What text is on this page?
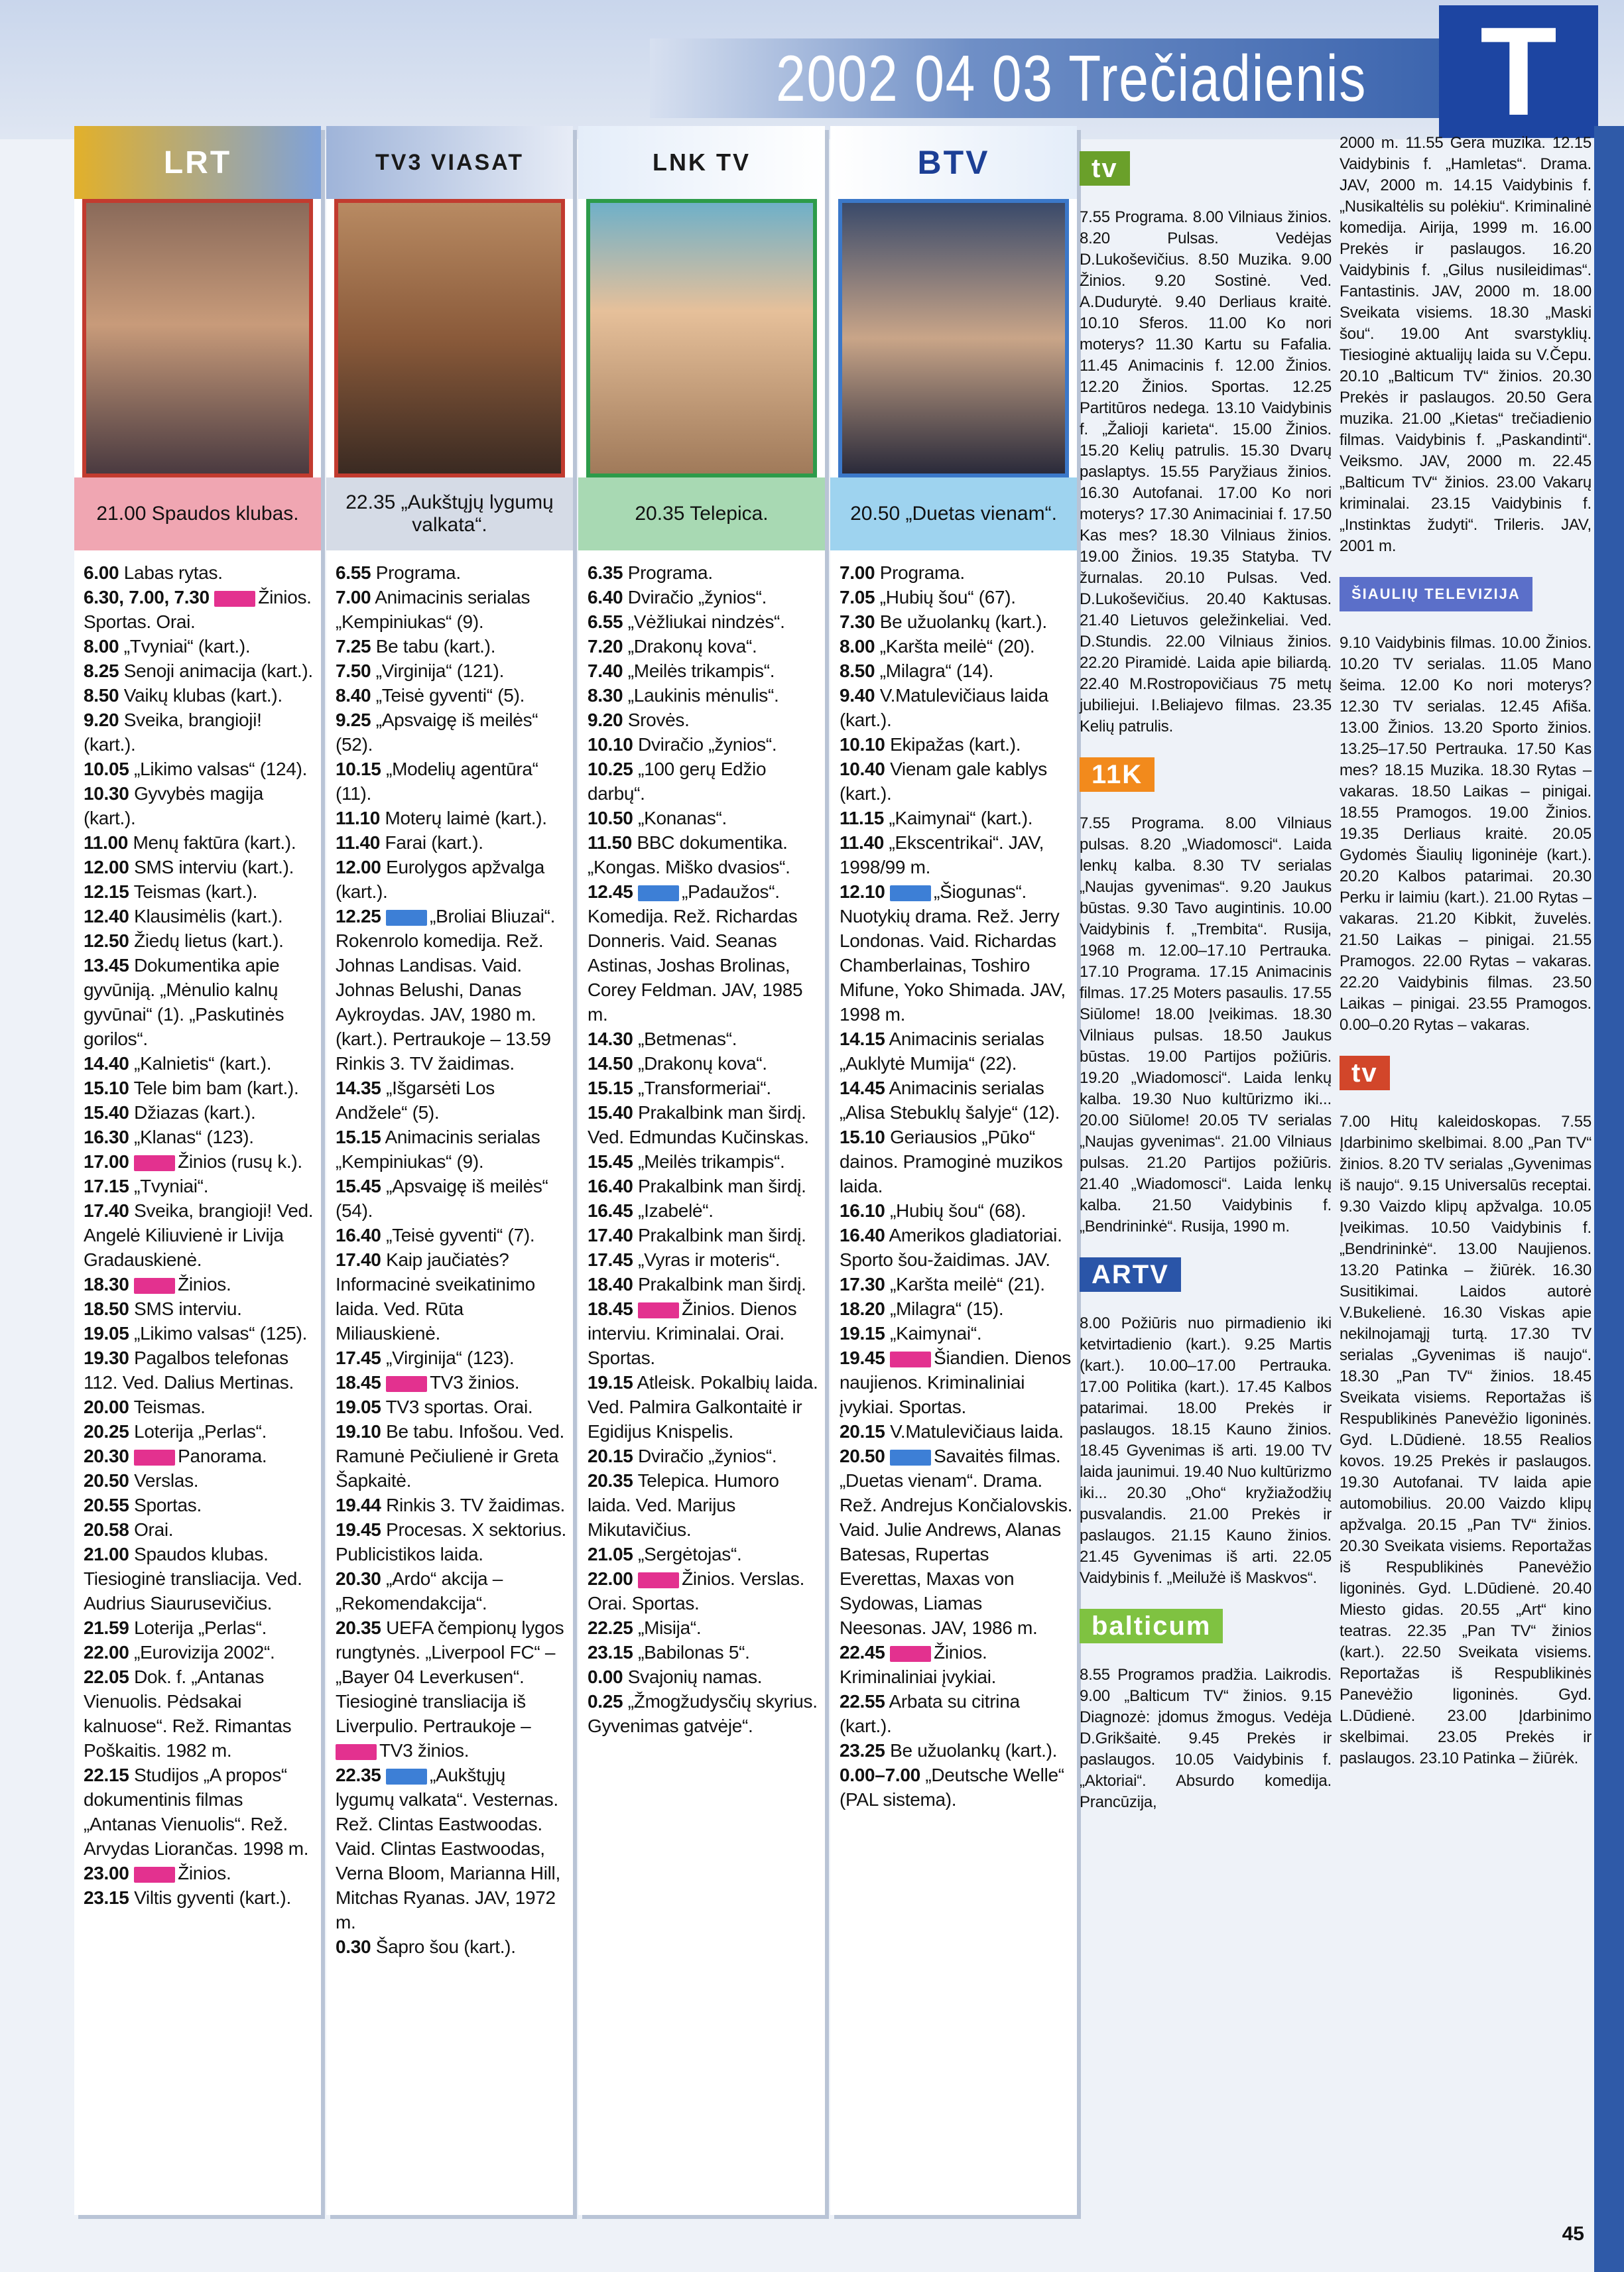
2002 04 03 Trečiadienis T
LRT
21.00 Spaudos klubas.

6.00 Labas rytas.

6.30, 7.00, 7.30	Žinios. Sportas. Orai.

8.00 „Tvyniai“ (kart.).

8.25 Senoji animacija (kart.).

8.50 Vaikų klubas (kart.).

9.20 Sveika, brangioji! (kart.).

10.05 „Likimo valsas“ (124).

10.30 Gyvybės magija (kart.).

11.00 Menų faktūra (kart.).

12.00 SMS interviu (kart.).

12.15 Teismas (kart.).

12.40 Klausimėlis (kart.).

12.50 Žiedų lietus (kart.).

13.45 Dokumentika apie gyvūniją. „Mėnulio kalnų gyvūnai“ (1). „Paskutinės gorilos“.

14.40 „Kalnietis“ (kart.).

15.10 Tele bim bam (kart.).

15.40 Džiazas (kart.).

16.30 „Klanas“ (123).

17.00	Žinios (rusų k.).

17.15 „Tvyniai“.

17.40 Sveika, brangioji! Ved. Angelė Kiliuvienė ir Livija Gradauskienė.

18.30	Žinios.

18.50 SMS interviu.

19.05 „Likimo valsas“ (125).

19.30 Pagalbos telefonas 112. Ved. Dalius Mertinas.

20.00 Teismas.

20.25 Loterija „Perlas“.

20.30	Panorama.

20.50 Verslas.

20.55 Sportas.

20.58 Orai.

21.00 Spaudos klubas. Tiesioginė transliacija. Ved. Audrius Siaurusevičius.

21.59 Loterija „Perlas“.

22.00 „Eurovizija 2002“.

22.05 Dok. f. „Antanas Vienuolis. Pėdsakai kalnuose“. Rež. Rimantas Poškaitis. 1982 m.

22.15 Studijos „A propos“ dokumentinis filmas „Antanas Vienuolis“. Rež. Arvydas Liorančas. 1998 m.

23.00	Žinios.

23.15 Viltis gyventi (kart.).

TV3 VIASAT
22.35 „Aukštųjų lygumų valkata“.

6.55 Programa.

7.00 Animacinis serialas „Kempiniukas“ (9).

7.25 Be tabu (kart.).

7.50 „Virginija“ (121).

8.40 „Teisė gyventi“ (5).

9.25 „Apsvaigę iš meilės“ (52).

10.15 „Modelių agentūra“ (11).

11.10 Moterų laimė (kart.).

11.40 Farai (kart.).

12.00 Eurolygos apžvalga (kart.).

12.25	„Broliai Bliuzai“. Rokenrolo komedija. Rež. Johnas Landisas. Vaid. Johnas Belushi, Danas Aykroydas. JAV, 1980 m. (kart.). Pertraukoje – 13.59 Rinkis 3. TV žaidimas.

14.35 „Išgarsėti Los Andžele“ (5).

15.15 Animacinis serialas „Kempiniukas“ (9).

15.45 „Apsvaigę iš meilės“ (54).

16.40 „Teisė gyventi“ (7).

17.40 Kaip jaučiatės? Informacinė sveikatinimo laida. Ved. Rūta Miliauskienė.

17.45 „Virginija“ (123).

18.45	TV3 žinios.

19.05 TV3 sportas. Orai.

19.10 Be tabu. Infošou. Ved. Ramunė Pečiulienė ir Greta Šapkaitė.

19.44 Rinkis 3. TV žaidimas.

19.45 Procesas. X sektorius. Publicistikos laida.

20.30 „Ardo“ akcija – „Rekomendakcija“.

20.35 UEFA čempionų lygos rungtynės. „Liverpool FC“ – „Bayer 04 Leverkusen“. Tiesioginė transliacija iš Liverpulio. Pertraukoje –

TV3 žinios.

22.35	„Aukštųjų lygumų valkata“. Vesternas. Rež. Clintas Eastwoodas. Vaid. Clintas Eastwoodas, Verna Bloom, Marianna Hill, Mitchas Ryanas. JAV, 1972 m.

0.30 Šapro šou (kart.).

LNK TV
20.35 Telepica.

6.35 Programa.

6.40 Dviračio „žynios“.

6.55 „Vėžliukai nindzės“.

7.20 „Drakonų kova“.

7.40 „Meilės trikampis“.

8.30 „Laukinis mėnulis“.

9.20 Srovės.

10.10 Dviračio „žynios“.

10.25 „100 gerų Edžio darbų“.

10.50 „Konanas“.

11.50 BBC dokumentika. „Kongas. Miško dvasios“.

12.45	„Padaužos“. Komedija. Rež. Richardas Donneris. Vaid. Seanas Astinas, Joshas Brolinas, Corey Feldman. JAV, 1985 m.

14.30 „Betmenas“.

14.50 „Drakonų kova“.

15.15 „Transformeriai“.

15.40 Prakalbink man širdį. Ved. Edmundas Kučinskas.

15.45 „Meilės trikampis“.

16.40 Prakalbink man širdį.

16.45 „Izabelė“.

17.40 Prakalbink man širdį.

17.45 „Vyras ir moteris“.

18.40 Prakalbink man širdį.

18.45	Žinios. Dienos interviu. Kriminalai. Orai. Sportas.

19.15 Atleisk. Pokalbių laida. Ved. Palmira Galkontaitė ir Egidijus Knispelis.

20.15 Dviračio „žynios“.

20.35 Telepica. Humoro laida. Ved. Marijus Mikutavičius.

21.05 „Sergėtojas“.

22.00	Žinios. Verslas. Orai. Sportas.

22.25 „Misija“.

23.15 „Babilonas 5“.

0.00 Svajonių namas.

0.25 „Žmogžudysčių skyrius. Gyvenimas gatvėje“.

BTV
20.50 „Duetas vienam“.

7.00 Programa.

7.05 „Hubių šou“ (67).

7.30 Be užuolankų (kart.).

8.00 „Karšta meilė“ (20).

8.50 „Milagra“ (14).

9.40 V.Matulevičiaus laida (kart.).

10.10 Ekipažas (kart.).

10.40 Vienam gale kablys (kart.).

11.15 „Kaimynai“ (kart.).

11.40 „Ekscentrikai“. JAV, 1998/99 m.

12.10	„Šiogunas“. Nuotykių drama. Rež. Jerry Londonas. Vaid. Richardas Chamberlainas, Toshiro Mifune, Yoko Shimada. JAV, 1998 m.

14.15 Animacinis serialas „Auklytė Mumija“ (22).

14.45 Animacinis serialas „Alisa Stebuklų šalyje“ (12).

15.10 Geriausios „Pūko“ dainos. Pramoginė muzikos laida.

16.10 „Hubių šou“ (68).

16.40 Amerikos gladiatoriai. Sporto šou-žaidimas. JAV.

17.30 „Karšta meilė“ (21).

18.20 „Milagra“ (15).

19.15 „Kaimynai“.

19.45	Šiandien. Dienos naujienos. Kriminaliniai įvykiai. Sportas.

20.15 V.Matulevičiaus laida.

20.50	Savaitės filmas. „Duetas vienam“. Drama. Rež. Andrejus Končialovskis. Vaid. Julie Andrews, Alanas Batesas, Rupertas Everettas, Maxas von Sydowas, Liamas Neesonas. JAV, 1986 m.

22.45	Žinios. Kriminaliniai įvykiai.

22.55 Arbata su citrina (kart.).

23.25 Be užuolankų (kart.).

0.00–7.00 „Deutsche Welle“ (PAL sistema).

tv

7.55 Programa. 8.00 Vilniaus žinios. 8.20 Pulsas. Vedėjas D.Lukoševičius. 8.50 Muzika. 9.00 Žinios. 9.20 Sostinė. Ved. A.Dudurytė. 9.40 Derliaus kraitė. 10.10 Sferos. 11.00 Ko nori moterys? 11.30 Kartu su Fafalia. 11.45 Animacinis f. 12.00 Žinios. 12.20 Žinios. Sportas. 12.25 Partitūros nedega. 13.10 Vaidybinis f. „Žalioji karieta“. 15.00 Žinios. 15.20 Kelių patrulis. 15.30 Dvarų paslaptys. 15.55 Paryžiaus žinios. 16.30 Autofanai. 17.00 Ko nori moterys? 17.30 Animaciniai f. 17.50 Kas mes? 18.30 Vilniaus žinios. 19.00 Žinios. 19.35 Statyba. TV žurnalas. 20.10 Pulsas. Ved. D.Lukoševičius. 20.40 Kaktusas. 21.40 Lietuvos geležinkeliai. Ved. D.Stundis. 22.00 Vilniaus žinios. 22.20 Piramidė. Laida apie biliardą. 22.40 M.Rostropovičiaus 75 metų jubiliejui. I.Beliajevo filmas. 23.35 Kelių patrulis.

11K

7.55 Programa. 8.00 Vilniaus pulsas. 8.20 „Wiadomosci“. Laida lenkų kalba. 8.30 TV serialas „Naujas gyvenimas“. 9.20 Jaukus būstas. 9.30 Tavo augintinis. 10.00 Vaidybinis f. „Trembita“. Rusija, 1968 m. 12.00–17.10 Pertrauka. 17.10 Programa. 17.15 Animacinis filmas. 17.25 Moters pasaulis. 17.55 Siūlome! 18.00 Įveikimas. 18.30 Vilniaus pulsas. 18.50 Jaukus būstas. 19.00 Partijos požiūris. 19.20 „Wiadomosci“. Laida lenkų kalba. 19.30 Nuo kultūrizmo iki... 20.00 Siūlome! 20.05 TV serialas „Naujas gyvenimas“. 21.00 Vilniaus pulsas. 21.20 Partijos požiūris. 21.40 „Wiadomosci“. Laida lenkų kalba. 21.50 Vaidybinis f. „Bendrininkė“. Rusija, 1990 m.

ARTV

8.00 Požiūris nuo pirmadienio iki ketvirtadienio (kart.). 9.25 Martis (kart.). 10.00–17.00 Pertrauka. 17.00 Politika (kart.). 17.45 Kalbos patarimai. 18.00 Prekės ir paslaugos. 18.15 Kauno žinios. 18.45 Gyvenimas iš arti. 19.00 TV laida jaunimui. 19.40 Nuo kultūrizmo iki... 20.30 „Oho“ kryžiažodžių pusvalandis. 21.00 Prekės ir paslaugos. 21.15 Kauno žinios. 21.45 Gyvenimas iš arti. 22.05 Vaidybinis f. „Meilužė iš Maskvos“.

balticum

8.55 Programos pradžia. Laikrodis. 9.00 „Balticum TV“ žinios. 9.15 Diagnozė: įdomus žmogus. Vedėja D.Grikšaitė. 9.45 Prekės ir paslaugos. 10.05 Vaidybinis f. „Aktoriai“. Absurdo komedija. Prancūzija,

2000 m. 11.55 Gera muzika. 12.15 Vaidybinis f. „Hamletas“. Drama. JAV, 2000 m. 14.15 Vaidybinis f. „Nusikaltėlis su polėkiu“. Kriminalinė komedija. Airija, 1999 m. 16.00 Prekės ir paslaugos. 16.20 Vaidybinis f. „Gilus nusileidimas“. Fantastinis. JAV, 2000 m. 18.00 Sveikata visiems. 18.30 „Maski šou“. 19.00 Ant svarstyklių. Tiesioginė aktualijų laida su V.Čepu. 20.10 „Balticum TV“ žinios. 20.30 Prekės ir paslaugos. 20.50 Gera muzika. 21.00 „Kietas“ trečiadienio filmas. Vaidybinis f. „Paskandinti“. Veiksmo. JAV, 2000 m. 22.45 „Balticum TV“ žinios. 23.00 Vakarų kriminalai. 23.15 Vaidybinis f. „Instinktas žudyti“. Trileris. JAV, 2001 m.

ŠIAULIŲ TELEVIZIJA

9.10 Vaidybinis filmas. 10.00 Žinios. 10.20 TV serialas. 11.05 Mano šeima. 12.00 Ko nori moterys? 12.30 TV serialas. 12.45 Afiša. 13.00 Žinios. 13.20 Sporto žinios. 13.25–17.50 Pertrauka. 17.50 Kas mes? 18.15 Muzika. 18.30 Rytas – vakaras. 18.50 Laikas – pinigai. 18.55 Pramogos. 19.00 Žinios. 19.35 Derliaus kraitė. 20.05 Gydomės Šiaulių ligoninėje (kart.). 20.20 Kalbos patarimai. 20.30 Perku ir laimiu (kart.). 21.00 Rytas – vakaras. 21.20 Kibkit, žuvelės. 21.50 Laikas – pinigai. 21.55 Pramogos. 22.00 Rytas – vakaras. 22.20 Vaidybinis filmas. 23.50 Laikas – pinigai. 23.55 Pramogos. 0.00–0.20 Rytas – vakaras.

tv

7.00 Hitų kaleidoskopas. 7.55 Įdarbinimo skelbimai. 8.00 „Pan TV“ žinios. 8.20 TV serialas „Gyvenimas iš naujo“. 9.15 Universalūs receptai. 9.30 Vaizdo klipų apžvalga. 10.05 Įveikimas. 10.50 Vaidybinis f. „Bendrininkė“. 13.00 Naujienos. 13.20 Patinka – žiūrėk. 16.30 Susitikimai. Laidos autorė V.Bukelienė. 16.30 Viskas apie nekilnojamąjį turtą. 17.30 TV serialas „Gyvenimas iš naujo“. 18.30 „Pan TV“ žinios. 18.45 Sveikata visiems. Reportažas iš Respublikinės Panevėžio ligoninės. Gyd. L.Dūdienė. 18.55 Realios kovos. 19.25 Prekės ir paslaugos. 19.30 Autofanai. TV laida apie automobilius. 20.00 Vaizdo klipų apžvalga. 20.15 „Pan TV“ žinios. 20.30 Sveikata visiems. Reportažas iš Respublikinės Panevėžio ligoninės. Gyd. L.Dūdienė. 20.40 Miesto gidas. 20.55 „Art“ kino teatras. 22.35 „Pan TV“ žinios (kart.). 22.50 Sveikata visiems. Reportažas iš Respublikinės Panevėžio ligoninės. Gyd. L.Dūdienė. 23.00 Įdarbinimo skelbimai. 23.05 Prekės ir paslaugos. 23.10 Patinka – žiūrėk.

45
